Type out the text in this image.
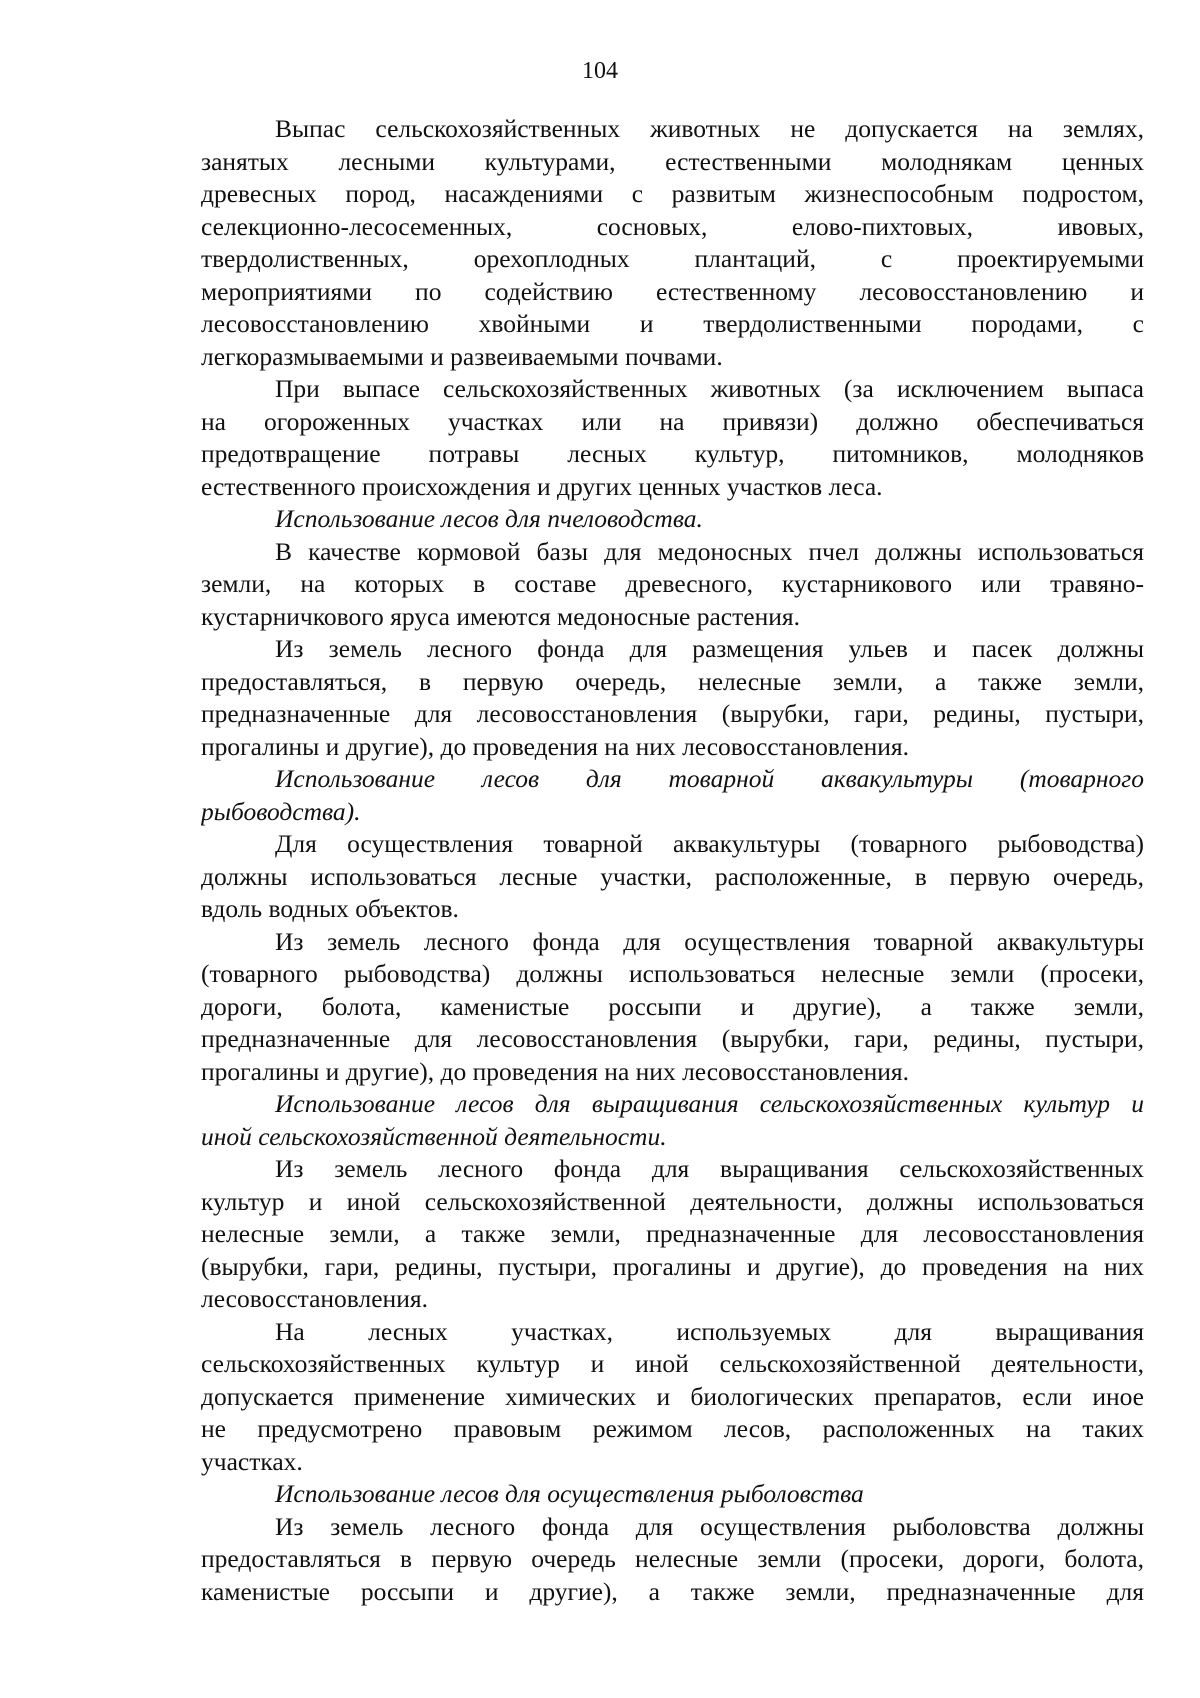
104
Выпас сельскохозяйственных животных не допускается на землях,
занятых лесными культурами, естественными молоднякам ценных
древесных пород, насаждениями с развитым жизнеспособным подростом,
селекционно-лесосеменных, сосновых, елово-пихтовых, ивовых,
твердолиственных, орехоплодных плантаций, с проектируемыми
мероприятиями по содействию естественному лесовосстановлению и
лесовосстановлению хвойными и твердолиственными породами, с
легкоразмываемыми и развеиваемыми почвами.
При выпасе сельскохозяйственных животных (за исключением выпаса
на огороженных участках или на привязи) должно обеспечиваться
предотвращение потравы лесных культур, питомников, молодняков
естественного происхождения и других ценных участков леса.
Использование лесов для пчеловодства.
В качестве кормовой базы для медоносных пчел должны использоваться
земли, на которых в составе древесного, кустарникового или травяно-
кустарничкового яруса имеются медоносные растения.
Из земель лесного фонда для размещения ульев и пасек должны
предоставляться, в первую очередь, нелесные земли, а также земли,
предназначенные для лесовосстановления (вырубки, гари, редины, пустыри,
прогалины и другие), до проведения на них лесовосстановления.
Использование лесов для товарной аквакультуры (товарного
рыбоводства).
Для осуществления товарной аквакультуры (товарного рыбоводства)
должны использоваться лесные участки, расположенные, в первую очередь,
вдоль водных объектов.
Из земель лесного фонда для осуществления товарной аквакультуры
(товарного рыбоводства) должны использоваться нелесные земли (просеки,
дороги, болота, каменистые россыпи и другие), а также земли,
предназначенные для лесовосстановления (вырубки, гари, редины, пустыри,
прогалины и другие), до проведения на них лесовосстановления.
Использование лесов для выращивания сельскохозяйственных культур и
иной сельскохозяйственной деятельности.
Из земель лесного фонда для выращивания сельскохозяйственных
культур и иной сельскохозяйственной деятельности, должны использоваться
нелесные земли, а также земли, предназначенные для лесовосстановления
(вырубки, гари, редины, пустыри, прогалины и другие), до проведения на них
лесовосстановления.
На лесных участках, используемых для выращивания
сельскохозяйственных культур и иной сельскохозяйственной деятельности,
допускается применение химических и биологических препаратов, если иное
не предусмотрено правовым режимом лесов, расположенных на таких
участках.
Использование лесов для осуществления рыболовства
Из земель лесного фонда для осуществления рыболовства должны
предоставляться в первую очередь нелесные земли (просеки, дороги, болота,
каменистые россыпи и другие), а также земли, предназначенные для
